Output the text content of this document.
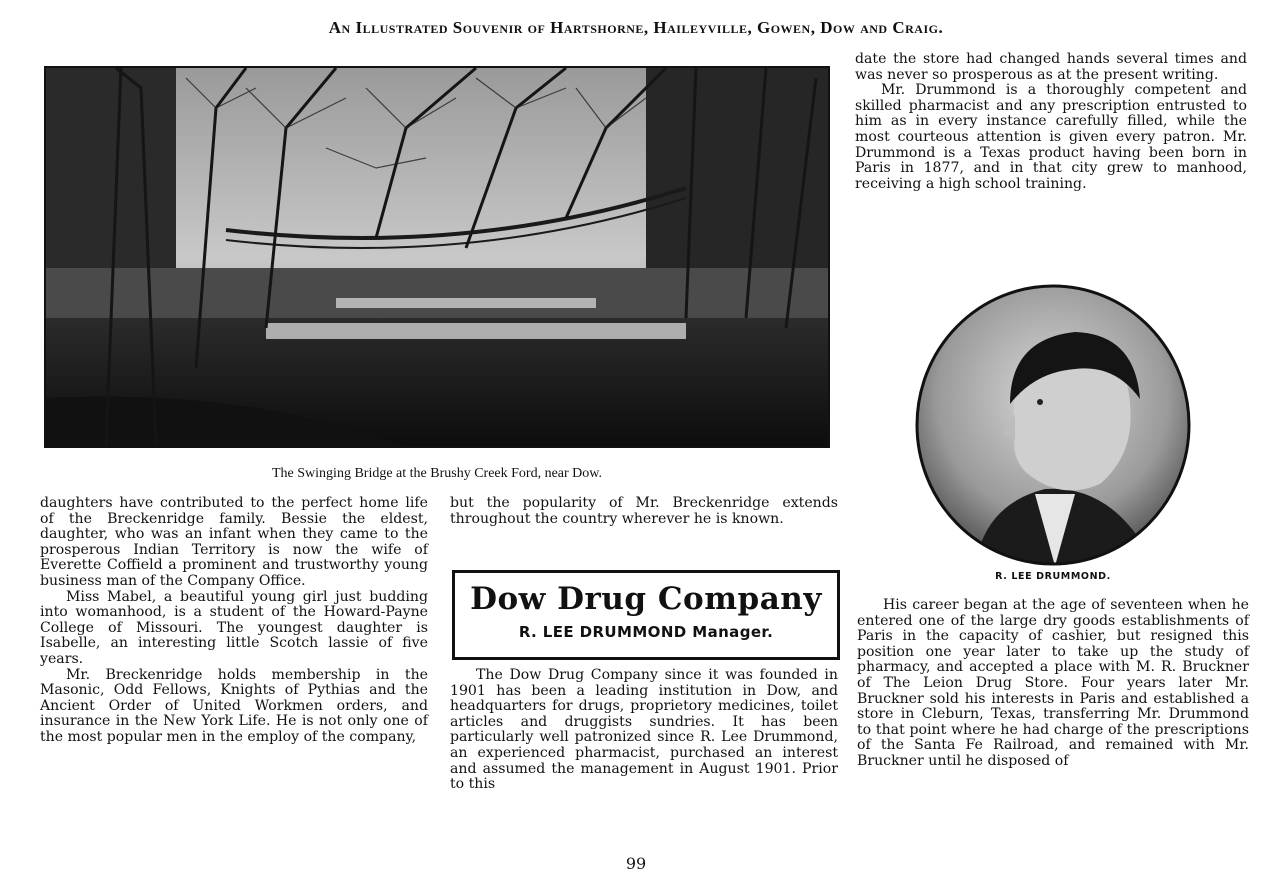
An Illustrated Souvenir of Hartshorne, Haileyville, Gowen, Dow and Craig.
The Swinging Bridge at the Brushy Creek Ford, near Dow.

daughters have contributed to the perfect home life of the Breckenridge family. Bessie the eldest, daughter, who was an infant when they came to the prosperous Indian Territory is now the wife of Everette Coffield a prominent and trustworthy young business man of the Company Office.

Miss Mabel, a beautiful young girl just budding into womanhood, is a student of the Howard-Payne College of Missouri. The youngest daughter is Isabelle, an interesting little Scotch lassie of five years.

Mr. Breckenridge holds membership in the Masonic, Odd Fellows, Knights of Pythias and the Ancient Order of United Workmen orders, and insurance in the New York Life. He is not only one of the most popular men in the employ of the company,

but the popularity of Mr. Breckenridge extends throughout the country wherever he is known.

Dow Drug Company
R. LEE DRUMMOND Manager.

The Dow Drug Company since it was founded in 1901 has been a leading institution in Dow, and headquarters for drugs, proprietory medicines, toilet articles and druggists sundries. It has been particularly well patronized since R. Lee Drummond, an experienced pharmacist, purchased an interest and assumed the management in August 1901. Prior to this

date the store had changed hands several times and was never so prosperous as at the present writing.

Mr. Drummond is a thoroughly competent and skilled pharmacist and any prescription entrusted to him as in every instance carefully filled, while the most courteous attention is given every patron. Mr. Drummond is a Texas product having been born in Paris in 1877, and in that city grew to manhood, receiving a high school training.

R. LEE DRUMMOND.

His career began at the age of seventeen when he entered one of the large dry goods establishments of Paris in the capacity of cashier, but resigned this position one year later to take up the study of pharmacy, and accepted a place with M. R. Bruckner of The Leion Drug Store. Four years later Mr. Bruckner sold his interests in Paris and established a store in Cleburn, Texas, transferring Mr. Drummond to that point where he had charge of the prescriptions of the Santa Fe Railroad, and remained with Mr. Bruckner until he disposed of

99
